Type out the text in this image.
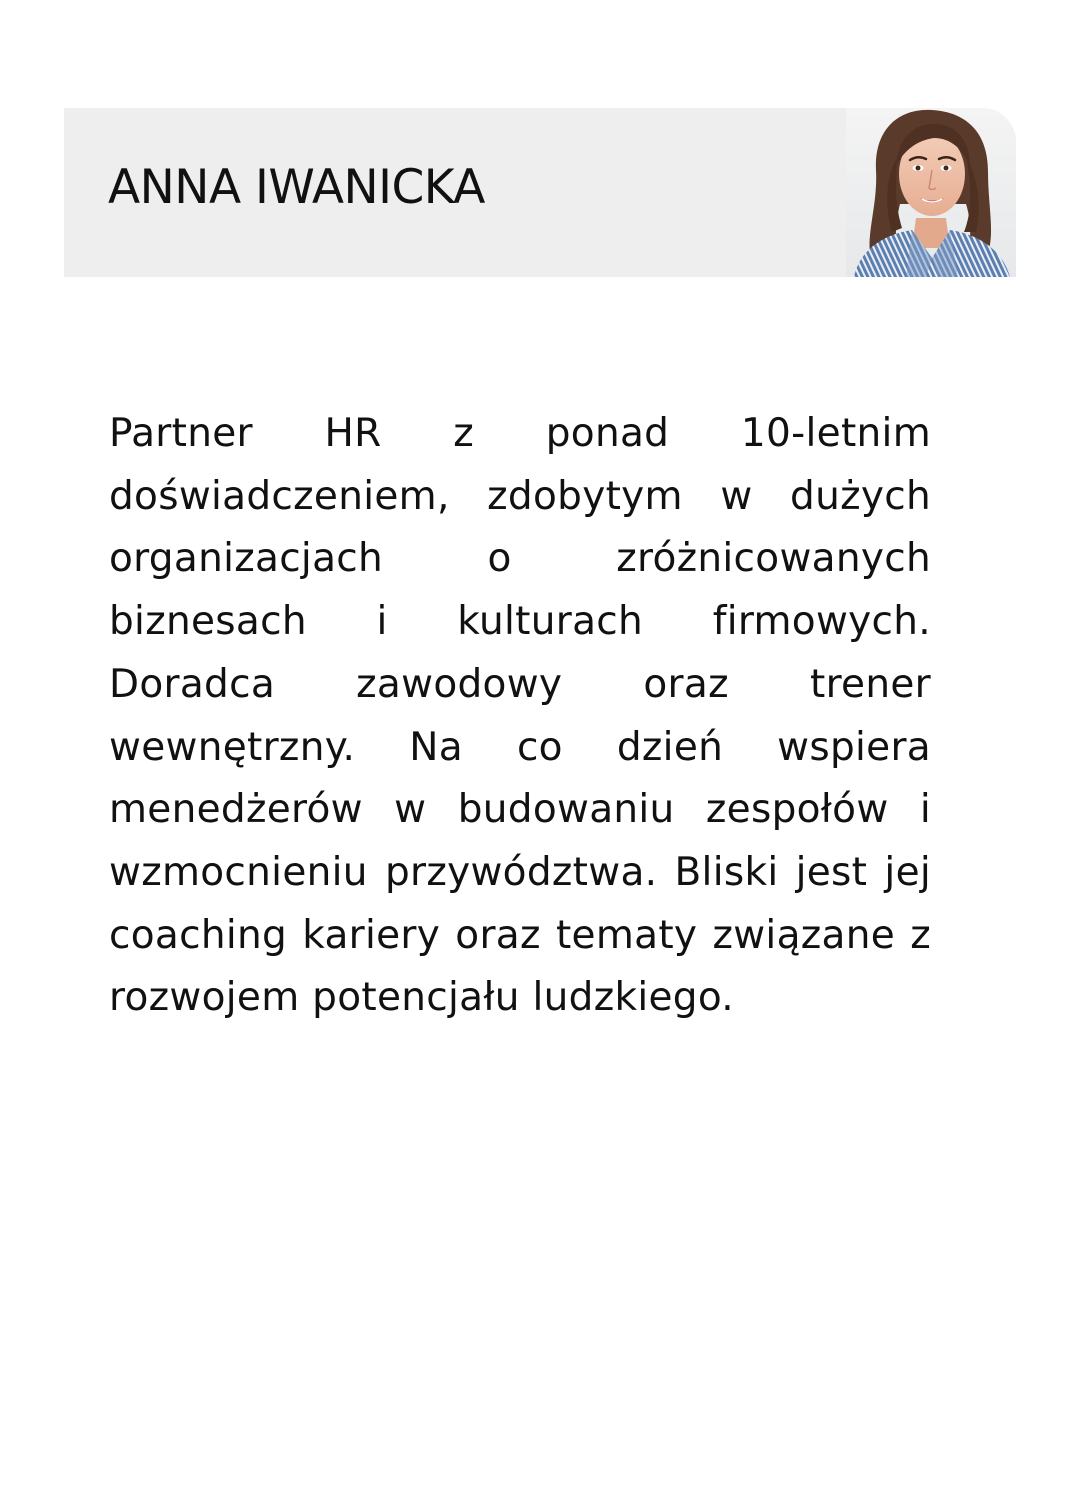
ANNA IWANICKA

Partner HR z ponad 10-letnim doświadczeniem, zdobytym w dużych organizacjach o zróżnicowanych biznesach i kulturach firmowych. Doradca zawodowy oraz trener wewnętrzny. Na co dzień wspiera menedżerów w budowaniu zespołów i wzmocnieniu przywództwa. Bliski jest jej coaching kariery oraz tematy związane z rozwojem potencjału ludzkiego.
